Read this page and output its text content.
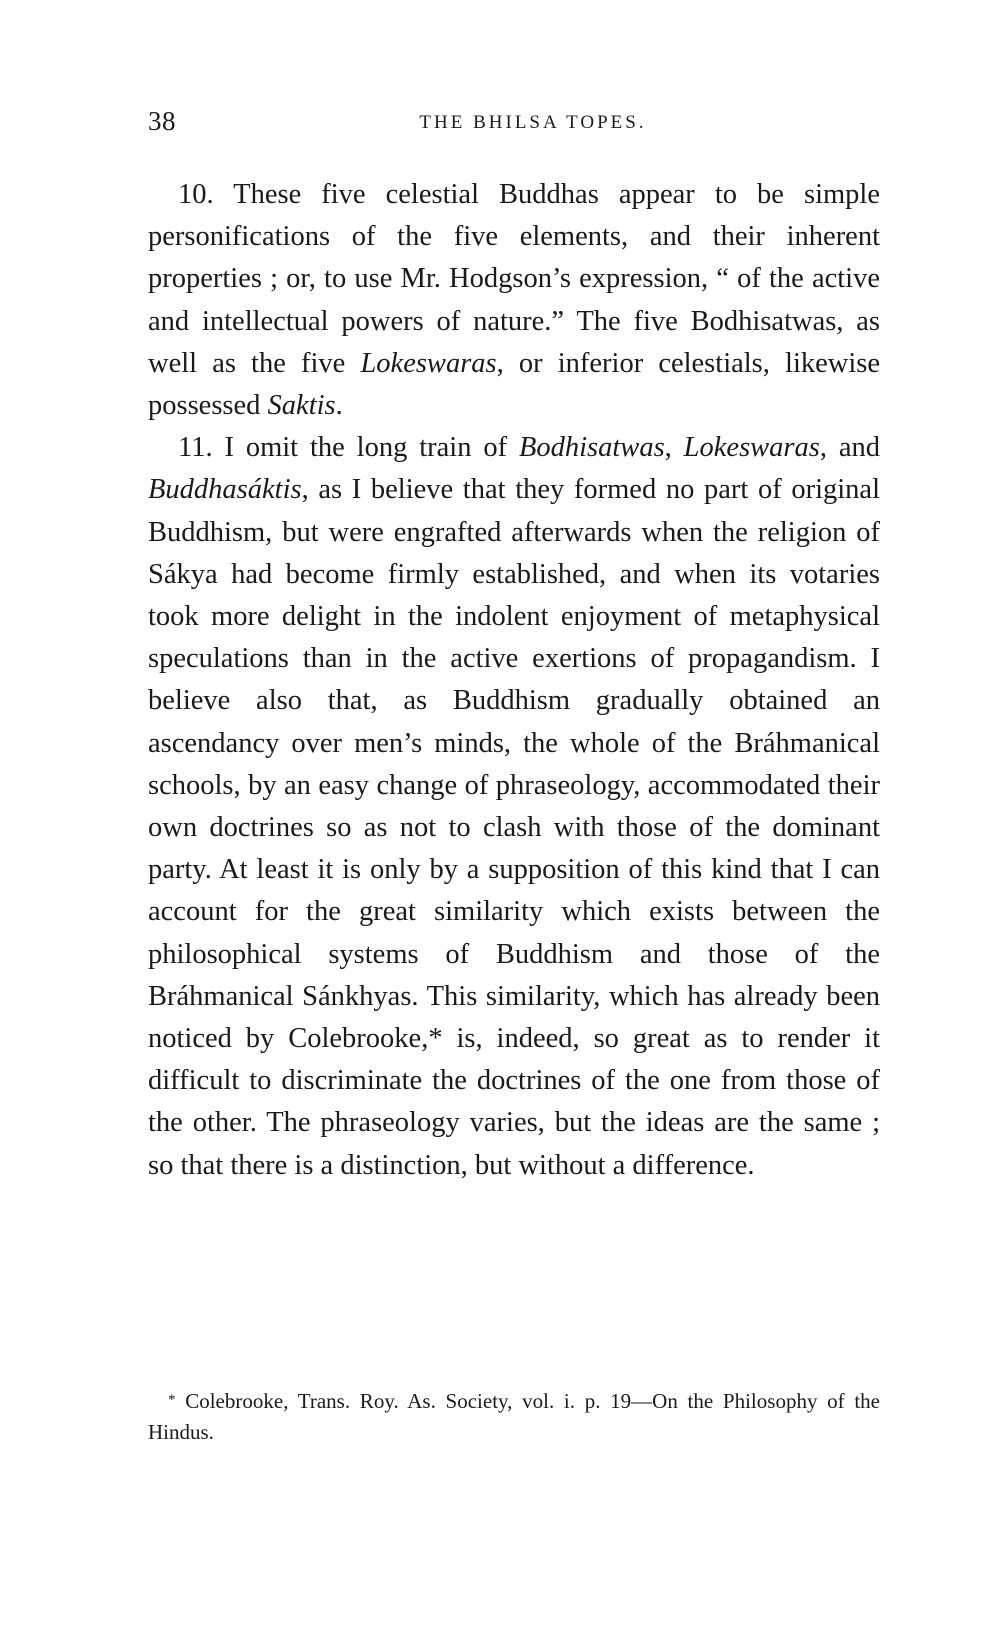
38	THE BHILSA TOPES.

10. These five celestial Buddhas appear to be simple personifications of the five elements, and their inherent properties ; or, to use Mr. Hodgson’s expression, “ of the active and intellectual powers of nature.” The five Bodhisatwas, as well as the five Lokeswaras, or inferior celestials, likewise possessed Saktis.

11. I omit the long train of Bodhisatwas, Lokeswaras, and Buddhasáktis, as I believe that they formed no part of original Buddhism, but were engrafted afterwards when the religion of Sákya had become firmly established, and when its votaries took more delight in the indolent enjoyment of metaphysical speculations than in the active exertions of propagandism. I believe also that, as Buddhism gradually obtained an ascendancy over men’s minds, the whole of the Bráhmanical schools, by an easy change of phraseology, accommodated their own doctrines so as not to clash with those of the dominant party. At least it is only by a supposition of this kind that I can account for the great similarity which exists between the philosophical systems of Buddhism and those of the Bráhmanical Sánkhyas. This similarity, which has already been noticed by Colebrooke,* is, indeed, so great as to render it difficult to discriminate the doctrines of the one from those of the other. The phraseology varies, but the ideas are the same ; so that there is a distinction, but without a difference.

* Colebrooke, Trans. Roy. As. Society, vol. i. p. 19—On the Philosophy of the Hindus.
